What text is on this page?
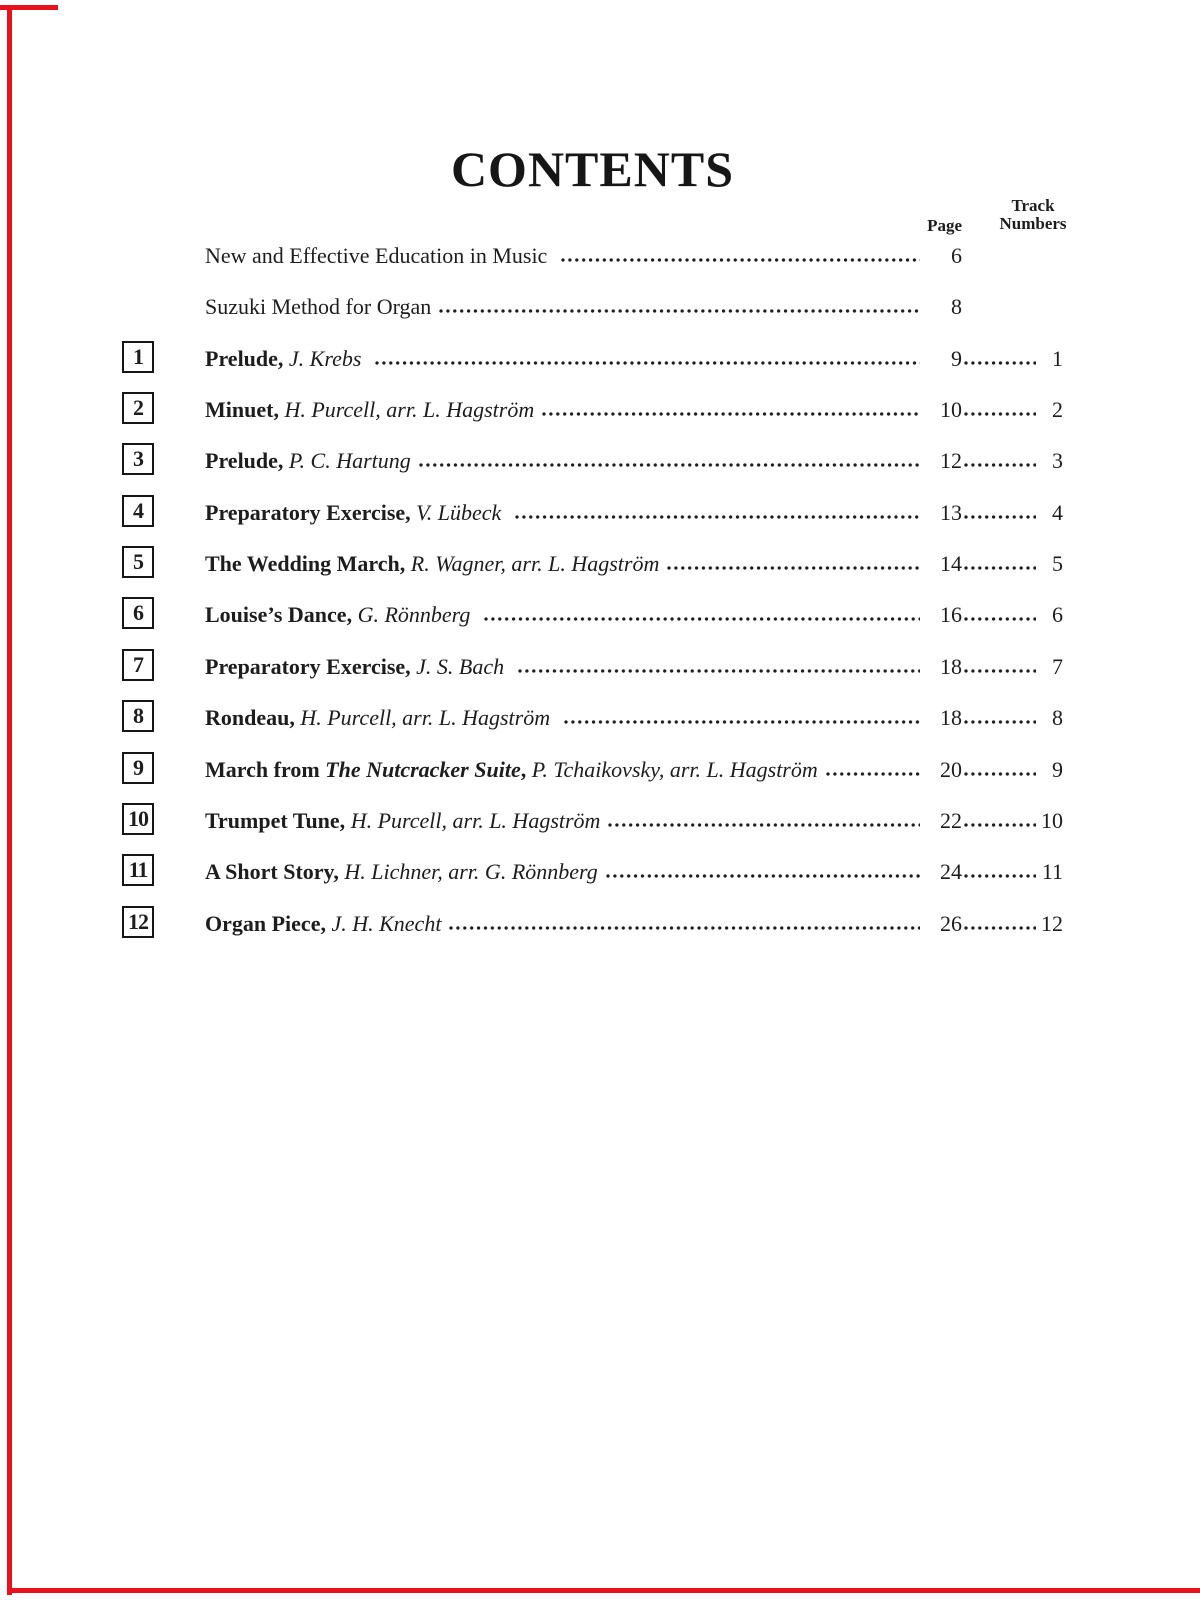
CONTENTS
Page
Track
Numbers
New and Effective Education in Music	6
Suzuki Method for Organ	8
1	Prelude, J. Krebs	9	1
2	Minuet, H. Purcell, arr. L. Hagström	10	2
3	Prelude, P. C. Hartung	12	3
4	Preparatory Exercise, V. Lübeck	13	4
5	The Wedding March, R. Wagner, arr. L. Hagström	14	5
6	Louise’s Dance, G. Rönnberg	16	6
7	Preparatory Exercise, J. S. Bach	18	7
8	Rondeau, H. Purcell, arr. L. Hagström	18	8
9	March from The Nutcracker Suite , P. Tchaikovsky, arr. L. Hagström	20	9
10	Trumpet Tune, H. Purcell, arr. L. Hagström	22	10
11	A Short Story, H. Lichner, arr. G. Rönnberg	24	11
12	Organ Piece, J. H. Knecht	26	12
